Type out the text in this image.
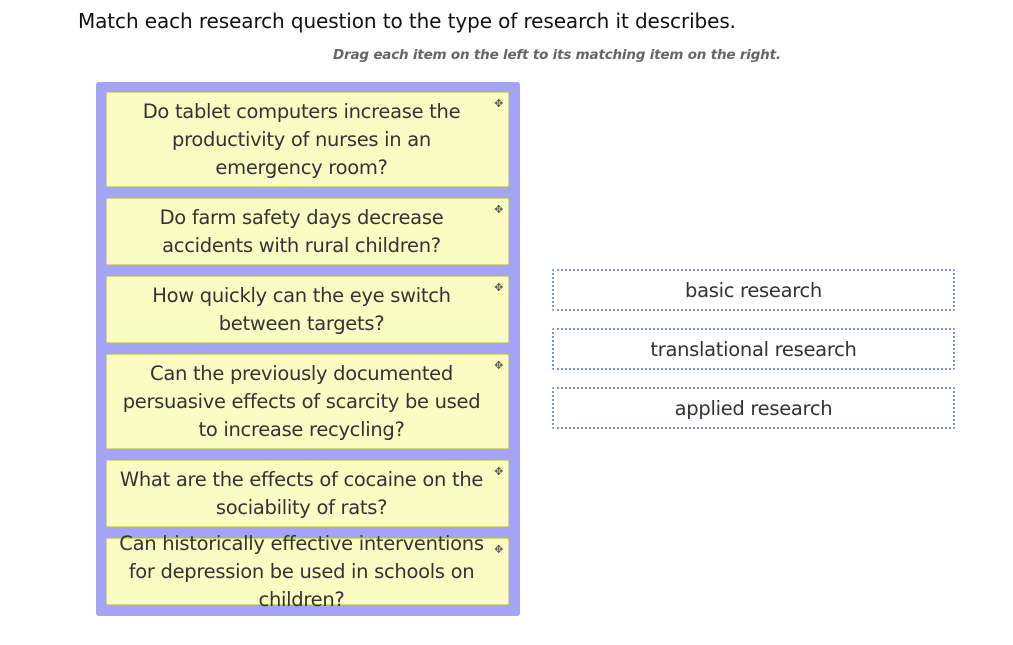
Match each research question to the type of research it describes.
Drag each item on the left to its matching item on the right.
Do tablet computers increase the productivity of nurses in an emergency room?
✥
Do farm safety days decrease accidents with rural children?
✥
How quickly can the eye switch between targets?
✥
Can the previously documented persuasive effects of scarcity be used to increase recycling?
✥
What are the effects of cocaine on the sociability of rats?
✥
Can historically effective interventions for depression be used in schools on children?
✥
basic research
translational research
applied research
